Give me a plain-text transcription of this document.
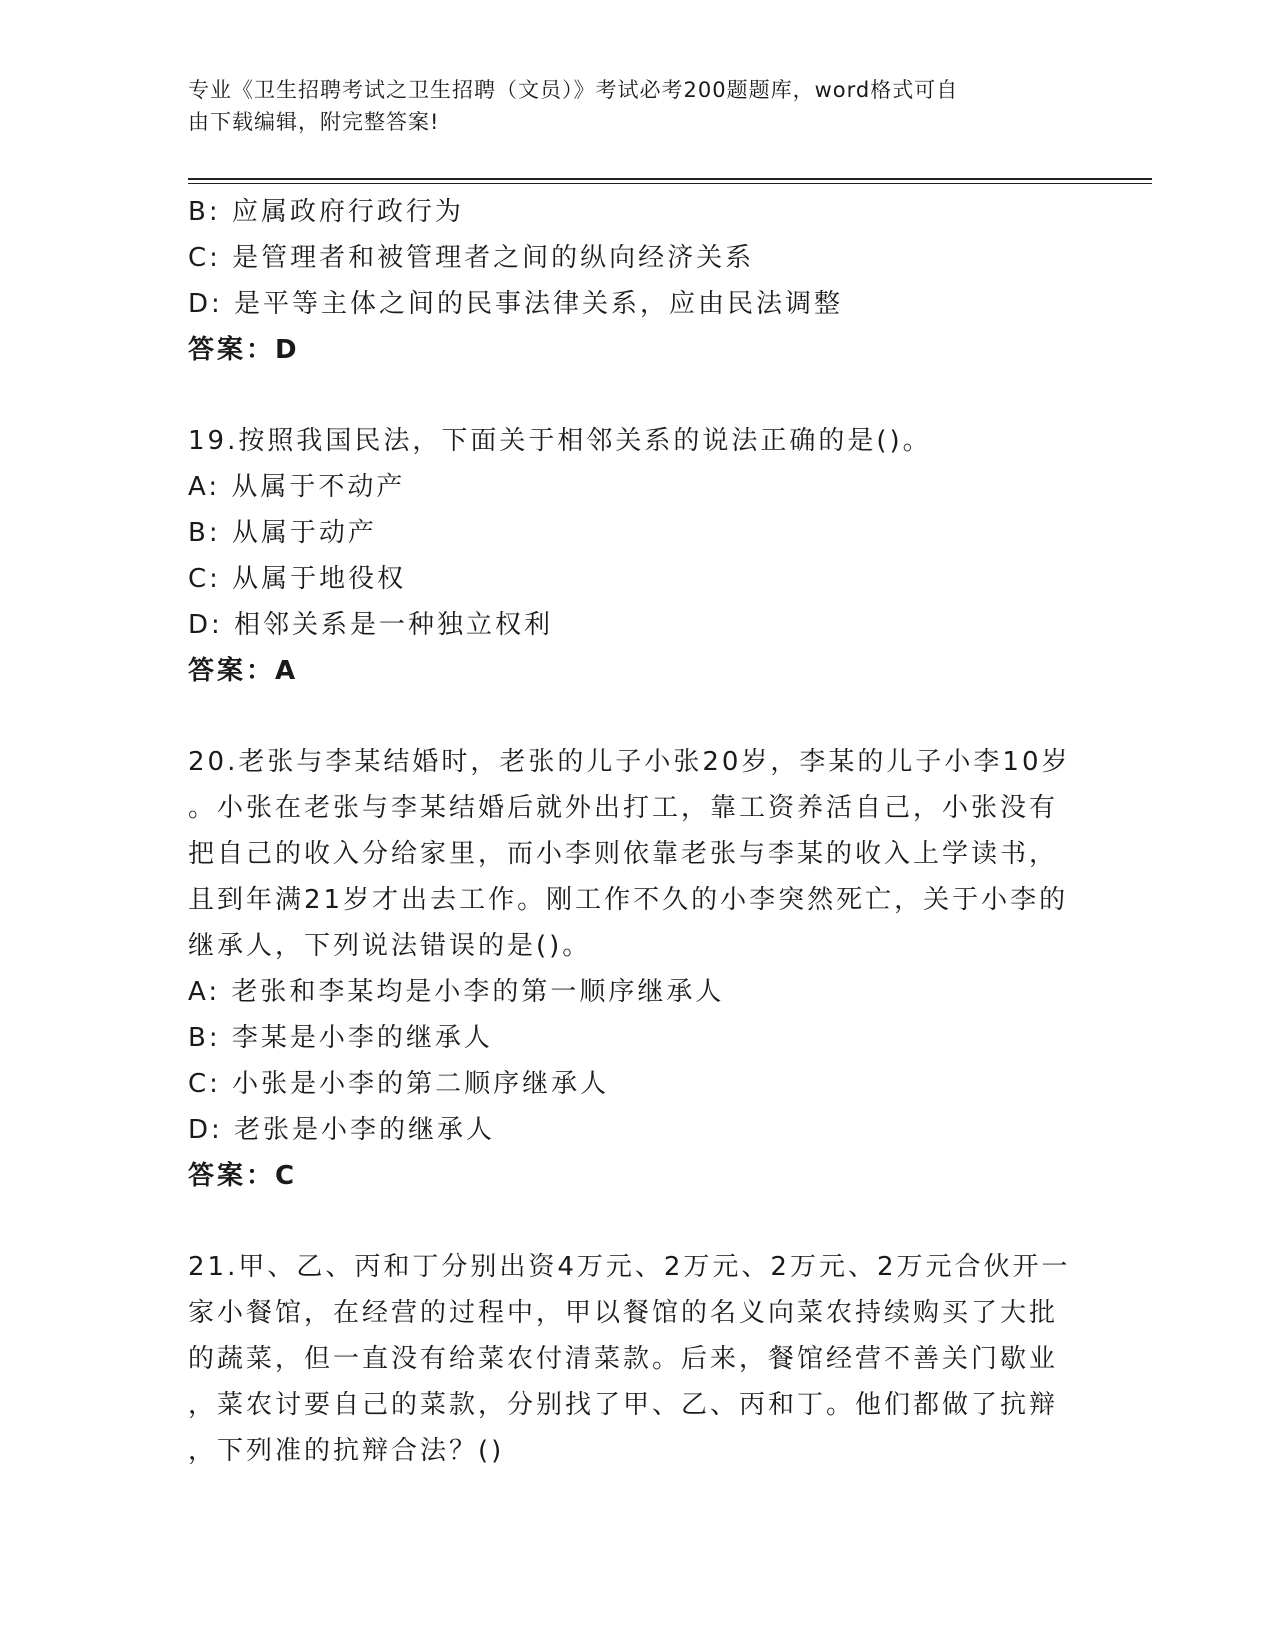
专业《卫生招聘考试之卫生招聘（文员）》考试必考200题题库，word格式可自
由下载编辑，附完整答案!
B: 应属政府行政行为
C: 是管理者和被管理者之间的纵向经济关系
D: 是平等主体之间的民事法律关系，应由民法调整
答案：D
19.按照我国民法，下面关于相邻关系的说法正确的是()。
A: 从属于不动产
B: 从属于动产
C: 从属于地役权
D: 相邻关系是一种独立权利
答案：A
20.老张与李某结婚时，老张的儿子小张20岁，李某的儿子小李10岁
。小张在老张与李某结婚后就外出打工，靠工资养活自己，小张没有
把自己的收入分给家里，而小李则依靠老张与李某的收入上学读书，
且到年满21岁才出去工作。刚工作不久的小李突然死亡，关于小李的
继承人，下列说法错误的是()。
A: 老张和李某均是小李的第一顺序继承人
B: 李某是小李的继承人
C: 小张是小李的第二顺序继承人
D: 老张是小李的继承人
答案：C
21.甲、乙、丙和丁分别出资4万元、2万元、2万元、2万元合伙开一
家小餐馆，在经营的过程中，甲以餐馆的名义向菜农持续购买了大批
的蔬菜，但一直没有给菜农付清菜款。后来，餐馆经营不善关门歇业
，菜农讨要自己的菜款，分别找了甲、乙、丙和丁。他们都做了抗辩
，下列准的抗辩合法？()
